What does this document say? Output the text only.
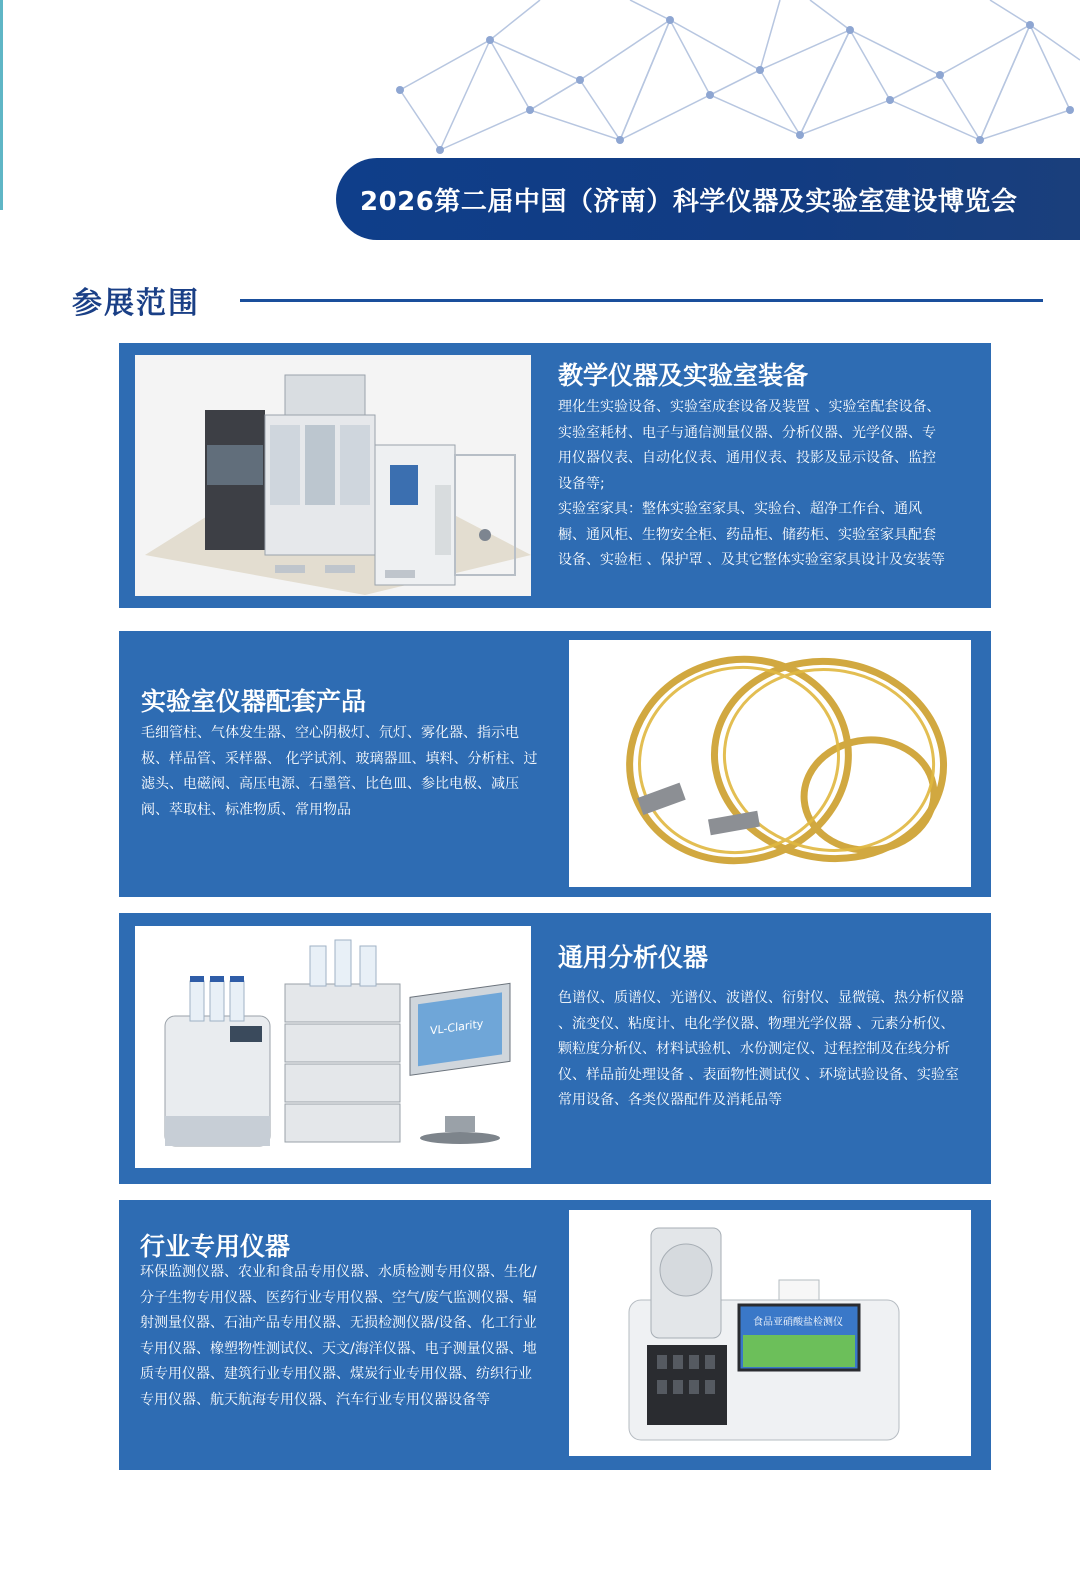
2026第二届中国（济南）科学仪器及实验室建设博览会
参展范围
教学仪器及实验室装备

理化生实验设备、实验室成套设备及装置 、实验室配套设备、实验室耗材、电子与通信测量仪器、分析仪器、光学仪器、专用仪器仪表、自动化仪表、通用仪表、投影及显示设备、监控设备等;

实验室家具：整体实验室家具、实验台、超净工作台、通风橱、通风柜、生物安全柜、药品柜、储药柜、实验室家具配套设备、实验柜 、保护罩 、及其它整体实验室家具设计及安装等

实验室仪器配套产品

毛细管柱、气体发生器、空心阴极灯、氘灯、雾化器、指示电极、样品管、采样器、 化学试剂、玻璃器皿、填料、分析柱、过滤头、电磁阀、高压电源、石墨管、比色皿、参比电极、减压阀、萃取柱、标准物质、常用物品

VL-Clarity
通用分析仪器

色谱仪、质谱仪、光谱仪、波谱仪、衍射仪、显微镜、热分析仪器 、流变仪、粘度计、电化学仪器、物理光学仪器 、元素分析仪、颗粒度分析仪、材料试验机、水份测定仪、过程控制及在线分析仪、样品前处理设备 、表面物性测试仪 、环境试验设备、实验室常用设备、各类仪器配件及消耗品等

行业专用仪器

环保监测仪器、农业和食品专用仪器、水质检测专用仪器、生化/分子生物专用仪器、医药行业专用仪器、空气/废气监测仪器、辐射测量仪器、石油产品专用仪器、无损检测仪器/设备、化工行业专用仪器、橡塑物性测试仪、天文/海洋仪器、电子测量仪器、地质专用仪器、建筑行业专用仪器、煤炭行业专用仪器、纺织行业专用仪器、航天航海专用仪器、汽车行业专用仪器设备等

食品亚硝酸盐检测仪
